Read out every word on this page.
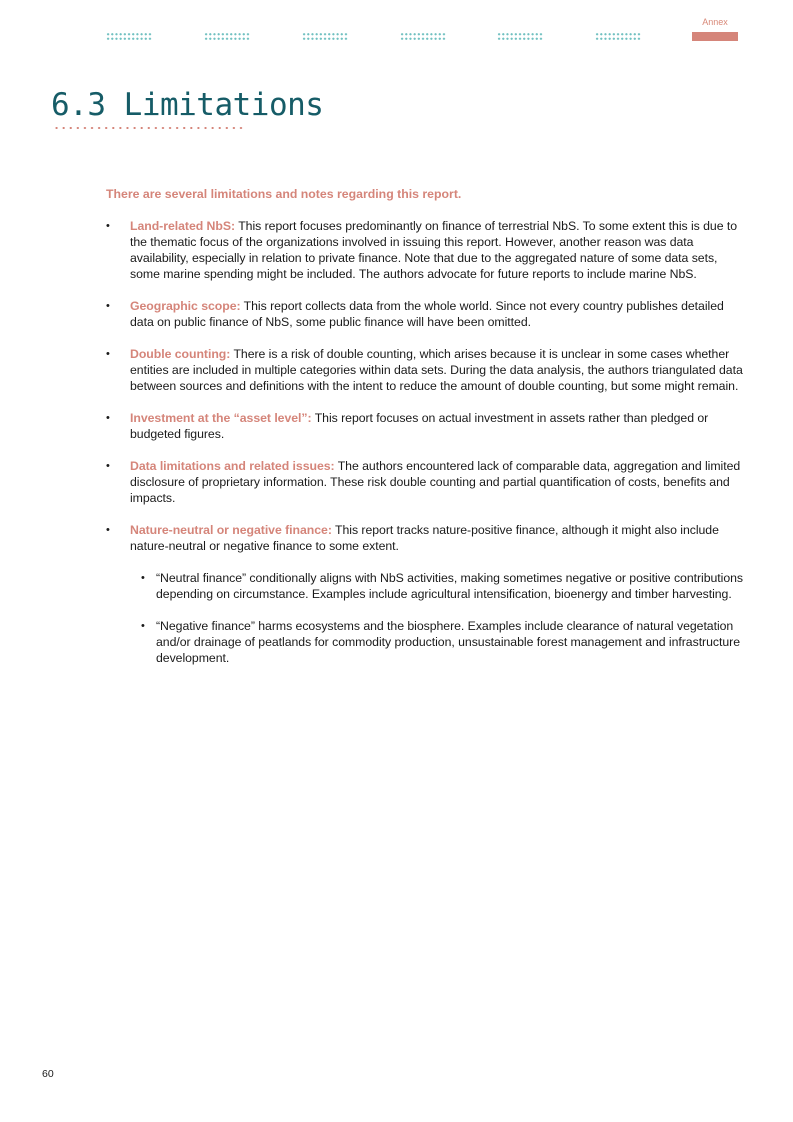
Annex
6.3 Limitations

There are several limitations and notes regarding this report.

• Land-related NbS: This report focuses predominantly on finance of terrestrial NbS. To some extent this is due to the thematic focus of the organizations involved in issuing this report. However, another reason was data availability, especially in relation to private finance. Note that due to the aggregated nature of some data sets, some marine spending might be included. The authors advocate for future reports to include marine NbS.
• Geographic scope: This report collects data from the whole world. Since not every country publishes detailed data on public finance of NbS, some public finance will have been omitted.
• Double counting: There is a risk of double counting, which arises because it is unclear in some cases whether entities are included in multiple categories within data sets. During the data analysis, the authors triangulated data between sources and definitions with the intent to reduce the amount of double counting, but some might remain.
• Investment at the “asset level”: This report focuses on actual investment in assets rather than pledged or budgeted figures.
• Data limitations and related issues: The authors encountered lack of comparable data, aggregation and limited disclosure of proprietary information. These risk double counting and partial quantification of costs, benefits and impacts.
• Nature-neutral or negative finance: This report tracks nature-positive finance, although it might also include nature-neutral or negative finance to some extent.
• “Neutral finance” conditionally aligns with NbS activities, making sometimes negative or positive contributions depending on circumstance. Examples include agricultural intensification, bioenergy and timber harvesting.
• “Negative finance” harms ecosystems and the biosphere. Examples include clearance of natural vegetation and/or drainage of peatlands for commodity production, unsustainable forest management and infrastructure development.
60
